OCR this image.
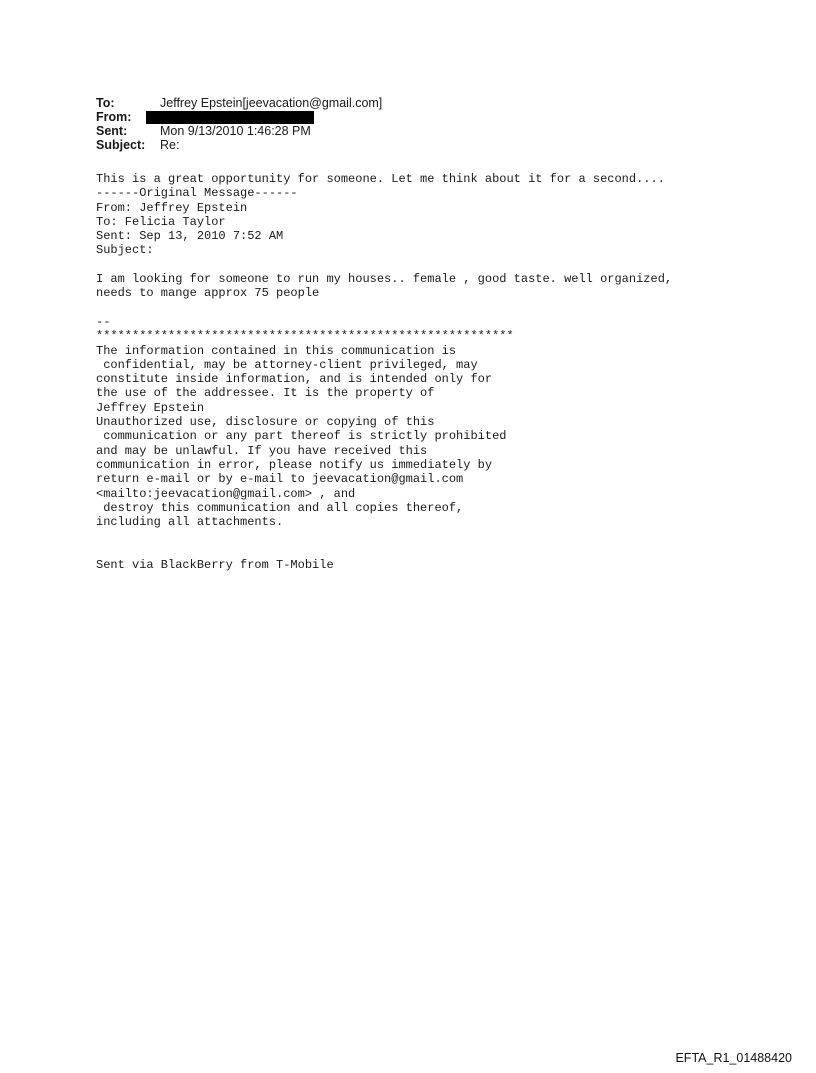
To:	Jeffrey Epstein[jeevacation@gmail.com]
From:
Sent:	Mon 9/13/2010 1:46:28 PM
Subject:	Re:
This is a great opportunity for someone. Let me think about it for a second....
------Original Message------
From: Jeffrey Epstein
To: Felicia Taylor
Sent: Sep 13, 2010 7:52 AM
Subject:

I am looking for someone to run my houses.. female , good taste. well organized,
needs to mange approx 75 people

--
**********************************************************
The information contained in this communication is
confidential, may be attorney-client privileged, may
constitute inside information, and is intended only for
the use of the addressee. It is the property of
Jeffrey Epstein
Unauthorized use, disclosure or copying of this
communication or any part thereof is strictly prohibited
and may be unlawful. If you have received this
communication in error, please notify us immediately by
return e-mail or by e-mail to jeevacation@gmail.com
<mailto:jeevacation@gmail.com> , and
destroy this communication and all copies thereof,
including all attachments.

Sent via BlackBerry from T-Mobile
EFTA_R1_01488420
